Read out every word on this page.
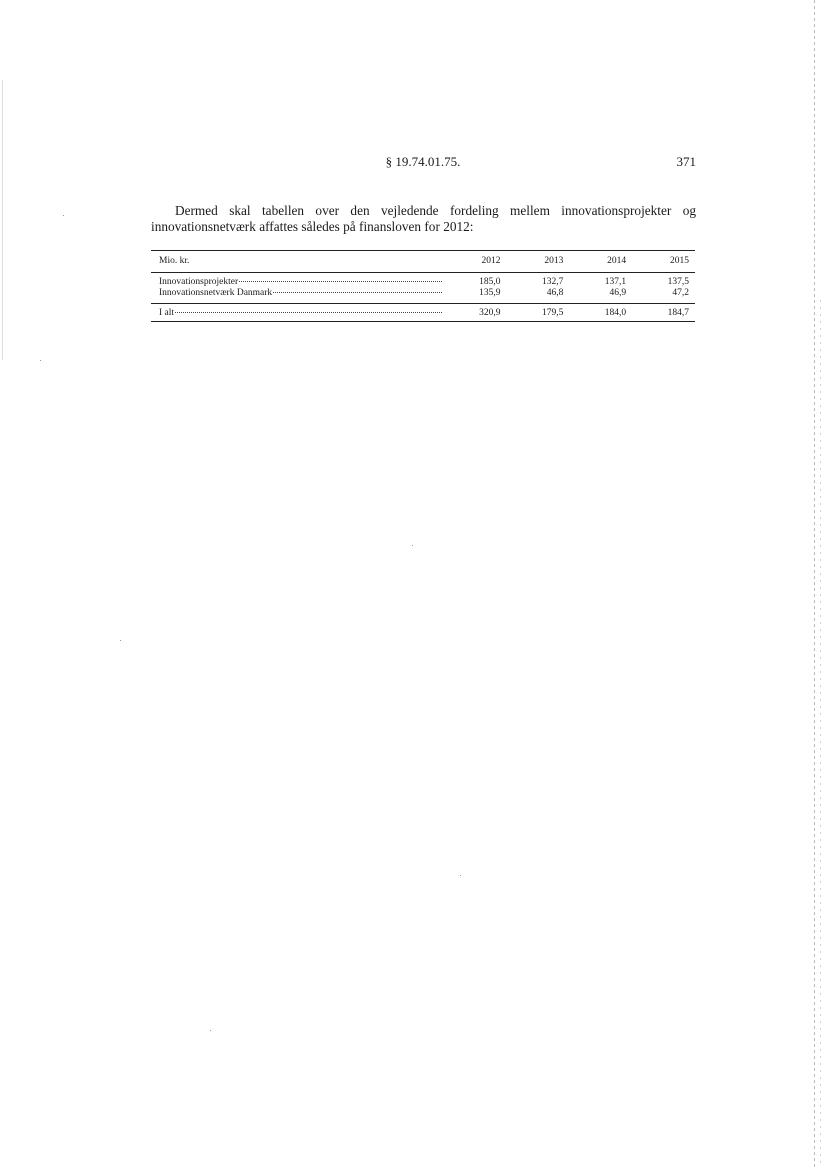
§ 19.74.01.75.	371

Dermed skal tabellen over den vejledende fordeling mellem innovationsprojekter og innovationsnetværk affattes således på finansloven for 2012:

Mio. kr.	2012	2013	2014	2015

Innovationsprojekter	185,0	132,7	137,1	137,5

Innovationsnetværk Danmark	135,9	46,8	46,9	47,2

I alt	320,9	179,5	184,0	184,7
